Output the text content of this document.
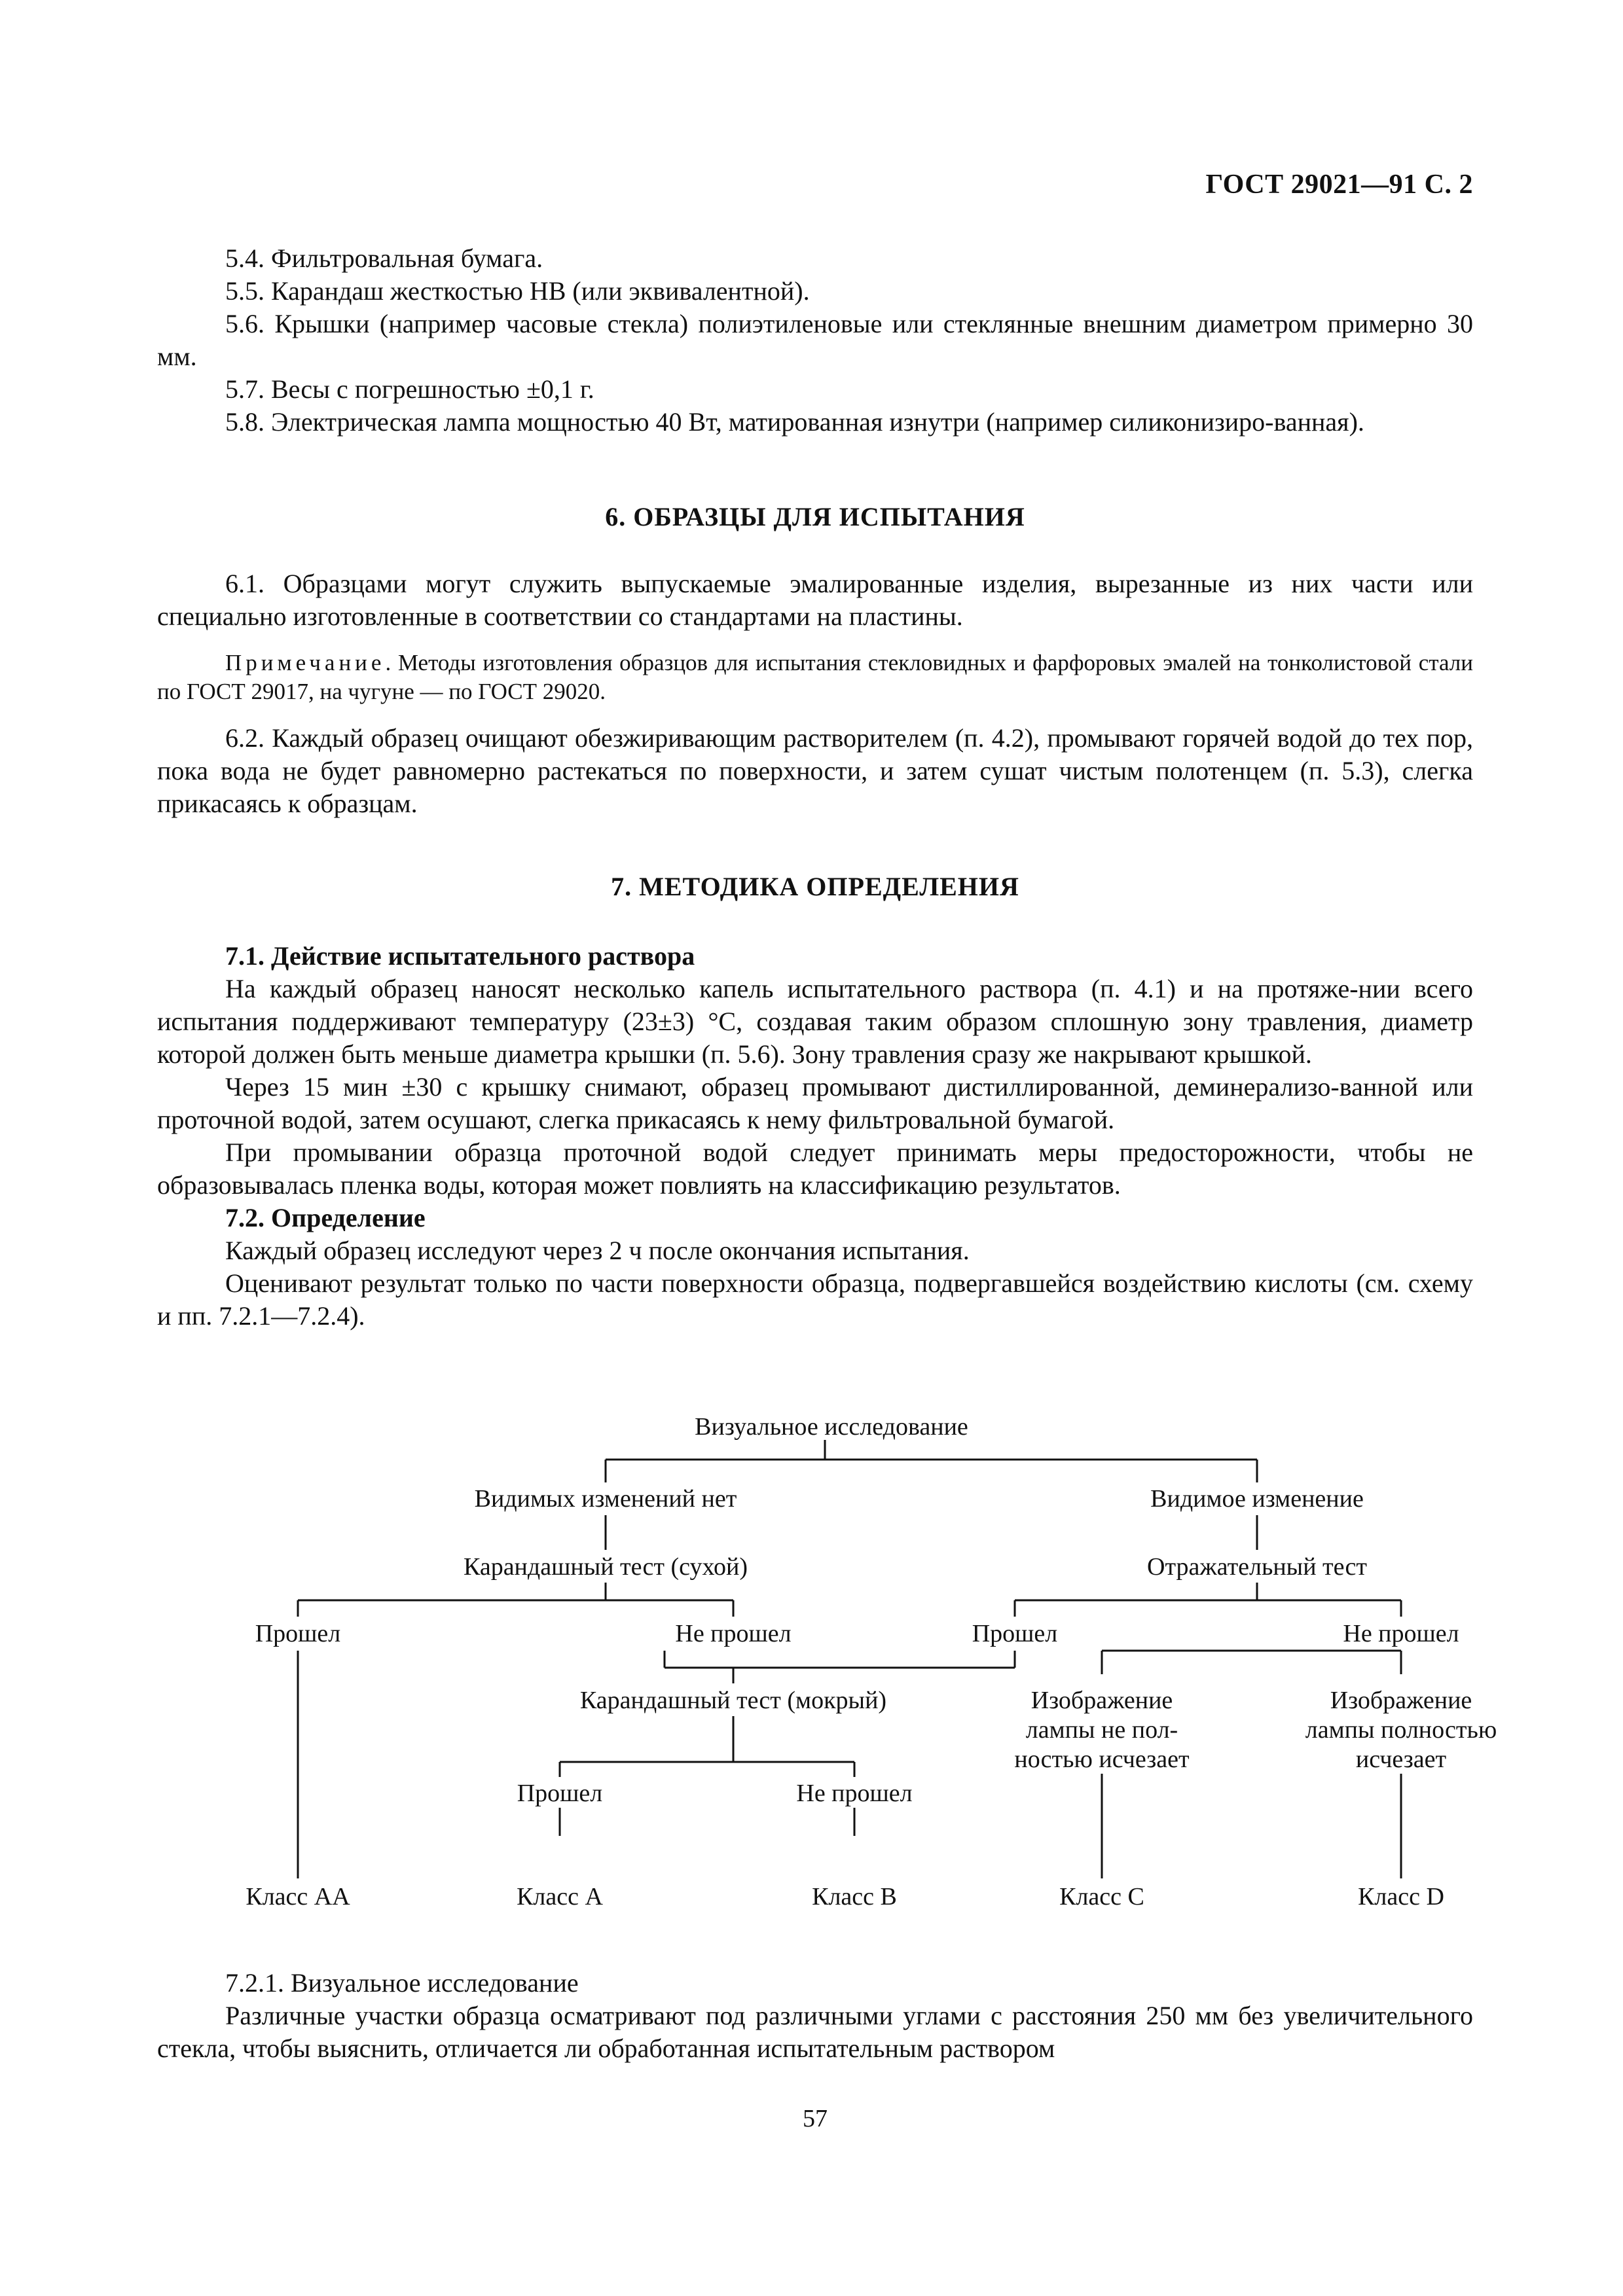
ГОСТ 29021—91 С. 2

5.4. Фильтровальная бумага.

5.5. Карандаш жесткостью HB (или эквивалентной).

5.6. Крышки (например часовые стекла) полиэтиленовые или стеклянные внешним диаметром примерно 30 мм.

5.7. Весы с погрешностью ±0,1 г.

5.8. Электрическая лампа мощностью 40 Вт, матированная изнутри (например силиконизиро-ванная).

6. ОБРАЗЦЫ ДЛЯ ИСПЫТАНИЯ

6.1. Образцами могут служить выпускаемые эмалированные изделия, вырезанные из них части или специально изготовленные в соответствии со стандартами на пластины.

Примечание. Методы изготовления образцов для испытания стекловидных и фарфоровых эмалей на тонколистовой стали по ГОСТ 29017, на чугуне — по ГОСТ 29020.

6.2. Каждый образец очищают обезжиривающим растворителем (п. 4.2), промывают горячей водой до тех пор, пока вода не будет равномерно растекаться по поверхности, и затем сушат чистым полотенцем (п. 5.3), слегка прикасаясь к образцам.

7. МЕТОДИКА ОПРЕДЕЛЕНИЯ

7.1. Действие испытательного раствора

На каждый образец наносят несколько капель испытательного раствора (п. 4.1) и на протяже-нии всего испытания поддерживают температуру (23±3) °С, создавая таким образом сплошную зону травления, диаметр которой должен быть меньше диаметра крышки (п. 5.6). Зону травления сразу же накрывают крышкой.

Через 15 мин ±30 с крышку снимают, образец промывают дистиллированной, деминерализо-ванной или проточной водой, затем осушают, слегка прикасаясь к нему фильтровальной бумагой.

При промывании образца проточной водой следует принимать меры предосторожности, чтобы не образовывалась пленка воды, которая может повлиять на классификацию результатов.

7.2. Определение

Каждый образец исследуют через 2 ч после окончания испытания.

Оценивают результат только по части поверхности образца, подвергавшейся воздействию кислоты (см. схему и пп. 7.2.1—7.2.4).

Визуальное исследование
Видимых изменений нет	Видимое изменение
Карандашный тест (сухой)	Отражательный тест
Прошел	Не прошел	Прошел	Не прошел
Карандашный тест (мокрый)	Изображение
лампы не пол-
ностью исчезает
Изображение
лампы полностью
исчезает
Прошел	Не прошел
Класс АА	Класс А	Класс В	Класс С	Класс D

7.2.1. Визуальное исследование

Различные участки образца осматривают под различными углами с расстояния 250 мм без увеличительного стекла, чтобы выяснить, отличается ли обработанная испытательным раствором

57
